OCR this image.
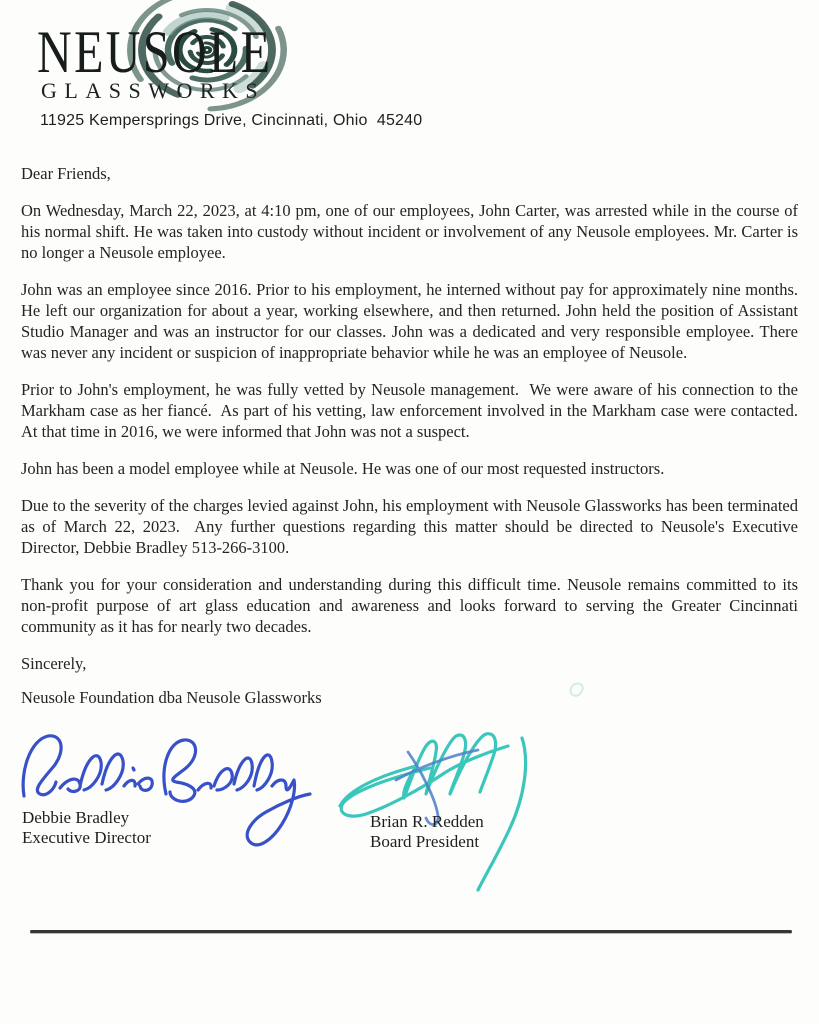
NEUSOLE
GLASSWORKS
11925 Kempersprings Drive, Cincinnati, Ohio  45240

Dear Friends,

On Wednesday, March 22, 2023, at 4:10 pm, one of our employees, John Carter, was arrested while in the course of his normal shift. He was taken into custody without incident or involvement of any Neusole employees. Mr. Carter is no longer a Neusole employee.

John was an employee since 2016. Prior to his employment, he interned without pay for approximately nine months. He left our organization for about a year, working elsewhere, and then returned. John held the position of Assistant Studio Manager and was an instructor for our classes. John was a dedicated and very responsible employee. There was never any incident or suspicion of inappropriate behavior while he was an employee of Neusole.

Prior to John's employment, he was fully vetted by Neusole management.  We were aware of his connection to the Markham case as her fiancé.  As part of his vetting, law enforcement involved in the Markham case were contacted. At that time in 2016, we were informed that John was not a suspect.

John has been a model employee while at Neusole. He was one of our most requested instructors.

Due to the severity of the charges levied against John, his employment with Neusole Glassworks has been terminated as of March 22, 2023.  Any further questions regarding this matter should be directed to Neusole's Executive Director, Debbie Bradley 513-266-3100.

Thank you for your consideration and understanding during this difficult time. Neusole remains committed to its non-profit purpose of art glass education and awareness and looks forward to serving the Greater Cincinnati community as it has for nearly two decades.

Sincerely,

Neusole Foundation dba Neusole Glassworks

Debbie Bradley
Executive Director
Brian R. Redden
Board President
